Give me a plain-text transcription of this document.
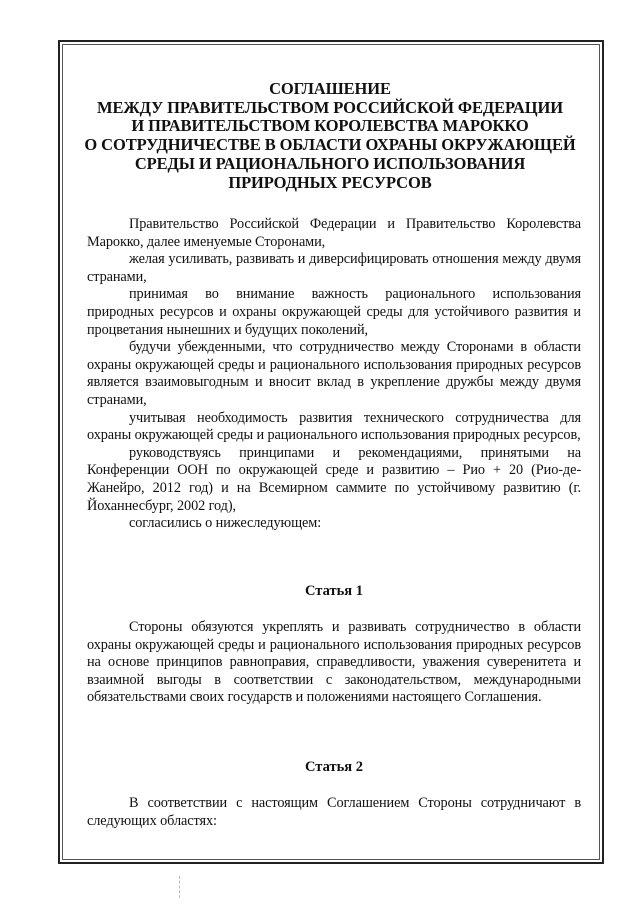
СОГЛАШЕНИЕ
МЕЖДУ ПРАВИТЕЛЬСТВОМ РОССИЙСКОЙ ФЕДЕРАЦИИ
И ПРАВИТЕЛЬСТВОМ КОРОЛЕВСТВА МАРОККО
О СОТРУДНИЧЕСТВЕ В ОБЛАСТИ ОХРАНЫ ОКРУЖАЮЩЕЙ
СРЕДЫ И РАЦИОНАЛЬНОГО ИСПОЛЬЗОВАНИЯ
ПРИРОДНЫХ РЕСУРСОВ

Правительство Российской Федерации и Правительство Королевства Марокко, далее именуемые Сторонами,

желая усиливать, развивать и диверсифицировать отношения между двумя странами,

принимая во внимание важность рационального использования природных ресурсов и охраны окружающей среды для устойчивого развития и процветания нынешних и будущих поколений,

будучи убежденными, что сотрудничество между Сторонами в области охраны окружающей среды и рационального использования природных ресурсов является взаимовыгодным и вносит вклад в укрепление дружбы между двумя странами,

учитывая необходимость развития технического сотрудничества для охраны окружающей среды и рационального использования природных ресурсов,

руководствуясь принципами и рекомендациями, принятыми на Конференции ООН по окружающей среде и развитию – Рио + 20 (Рио-де-Жанейро, 2012 год) и на Всемирном саммите по устойчивому развитию (г. Йоханнесбург, 2002 год),

согласились о нижеследующем:

Статья 1

Стороны обязуются укреплять и развивать сотрудничество в области охраны окружающей среды и рационального использования природных ресурсов на основе принципов равноправия, справедливости, уважения суверенитета и взаимной выгоды в соответствии с законодательством, международными обязательствами своих государств и положениями настоящего Соглашения.

Статья 2

В соответствии с настоящим Соглашением Стороны сотрудничают в следующих областях:
